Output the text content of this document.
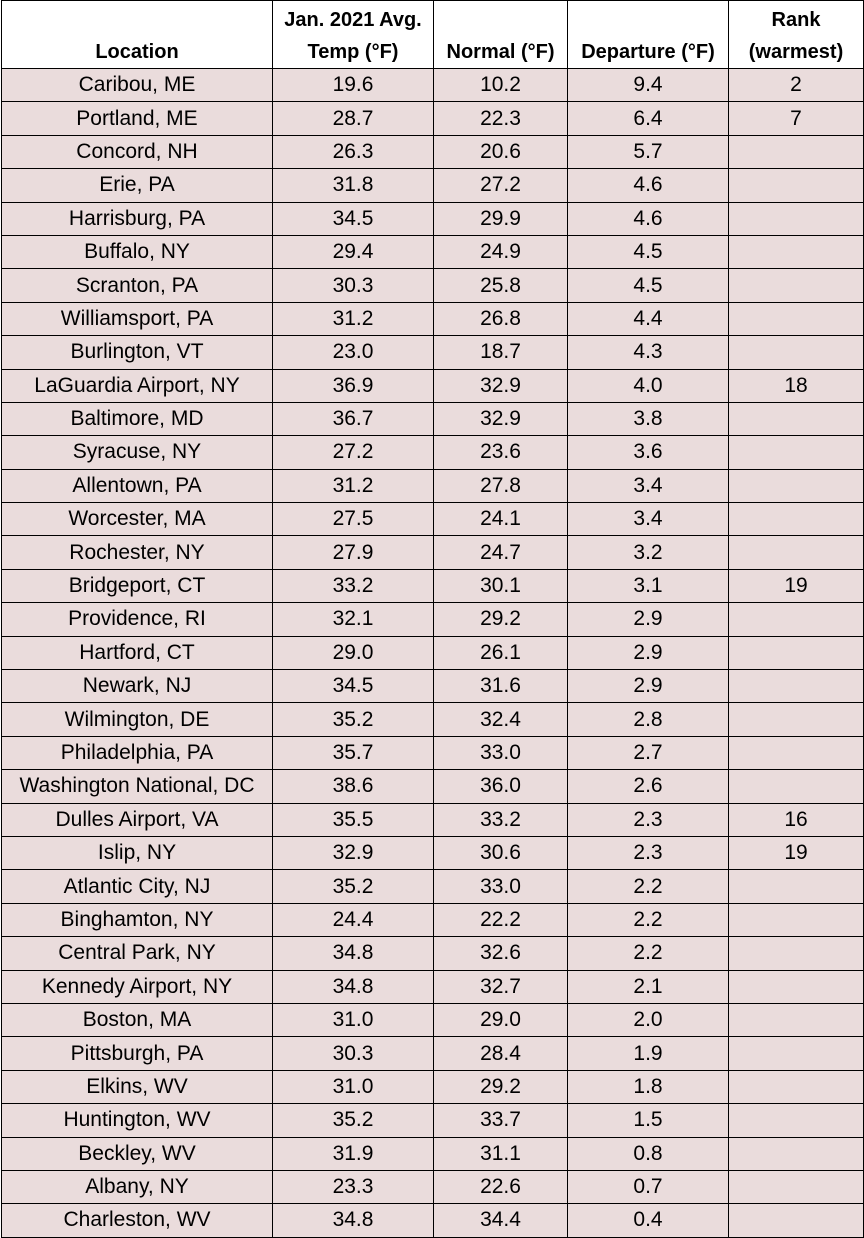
Location	Jan. 2021 Avg. Temp (°F)	Normal (°F)	Departure (°F)	Rank (warmest)
Caribou, ME	19.6	10.2	9.4	2
Portland, ME	28.7	22.3	6.4	7
Concord, NH	26.3	20.6	5.7	
Erie, PA	31.8	27.2	4.6	
Harrisburg, PA	34.5	29.9	4.6	
Buffalo, NY	29.4	24.9	4.5	
Scranton, PA	30.3	25.8	4.5	
Williamsport, PA	31.2	26.8	4.4	
Burlington, VT	23.0	18.7	4.3	
LaGuardia Airport, NY	36.9	32.9	4.0	18
Baltimore, MD	36.7	32.9	3.8	
Syracuse, NY	27.2	23.6	3.6	
Allentown, PA	31.2	27.8	3.4	
Worcester, MA	27.5	24.1	3.4	
Rochester, NY	27.9	24.7	3.2	
Bridgeport, CT	33.2	30.1	3.1	19
Providence, RI	32.1	29.2	2.9	
Hartford, CT	29.0	26.1	2.9	
Newark, NJ	34.5	31.6	2.9	
Wilmington, DE	35.2	32.4	2.8	
Philadelphia, PA	35.7	33.0	2.7	
Washington National, DC	38.6	36.0	2.6	
Dulles Airport, VA	35.5	33.2	2.3	16
Islip, NY	32.9	30.6	2.3	19
Atlantic City, NJ	35.2	33.0	2.2	
Binghamton, NY	24.4	22.2	2.2	
Central Park, NY	34.8	32.6	2.2	
Kennedy Airport, NY	34.8	32.7	2.1	
Boston, MA	31.0	29.0	2.0	
Pittsburgh, PA	30.3	28.4	1.9	
Elkins, WV	31.0	29.2	1.8	
Huntington, WV	35.2	33.7	1.5	
Beckley, WV	31.9	31.1	0.8	
Albany, NY	23.3	22.6	0.7	
Charleston, WV	34.8	34.4	0.4	
